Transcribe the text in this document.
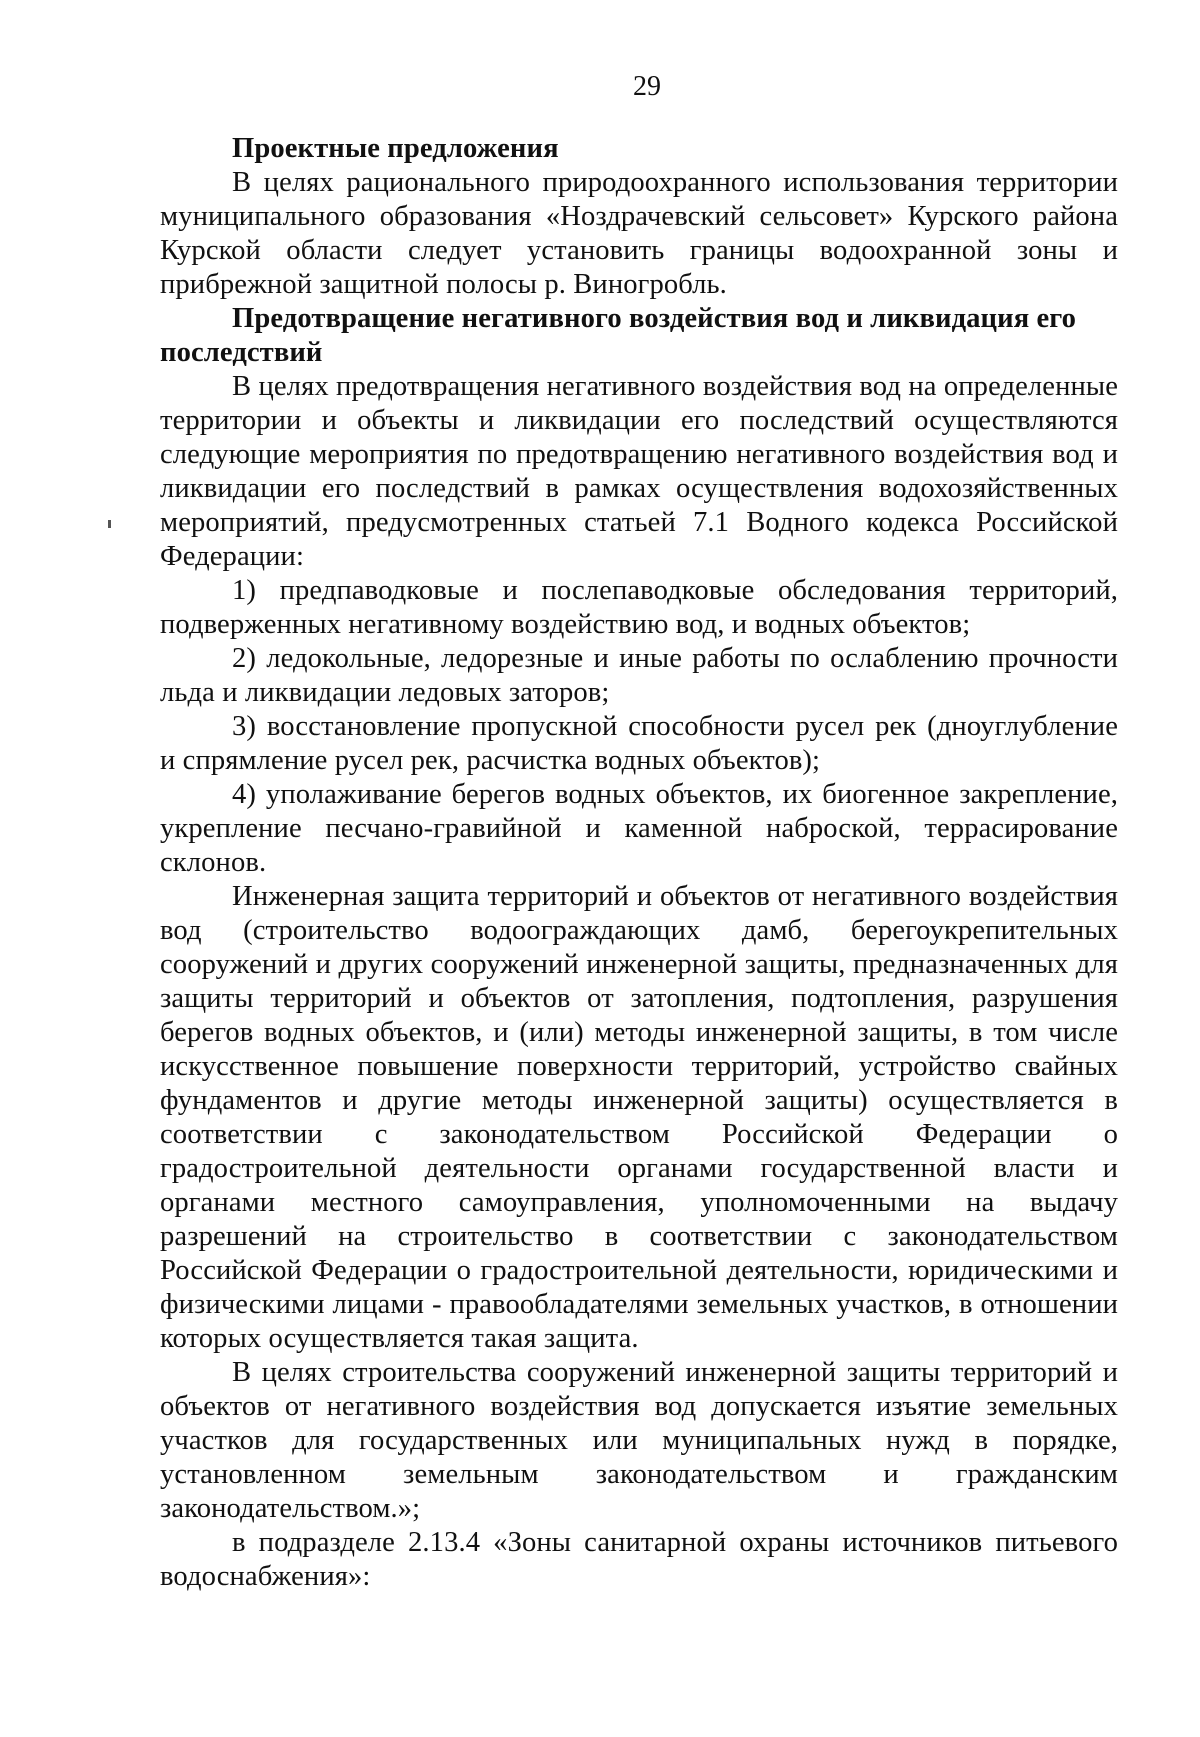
29

Проектные предложения

В целях рационального природоохранного использования территории муниципального образования «Ноздрачевский сельсовет» Курского района Курской области следует установить границы водоохранной зоны и прибрежной защитной полосы р. Виногробль.

Предотвращение негативного воздействия вод и ликвидация его последствий

В целях предотвращения негативного воздействия вод на определенные территории и объекты и ликвидации его последствий осуществляются следующие мероприятия по предотвращению негативного воздействия вод и ликвидации его последствий в рамках осуществления водохозяйственных мероприятий, предусмотренных статьей 7.1 Водного кодекса Российской Федерации:

1) предпаводковые и послепаводковые обследования территорий, подверженных негативному воздействию вод, и водных объектов;

2) ледокольные, ледорезные и иные работы по ослаблению прочности льда и ликвидации ледовых заторов;

3) восстановление пропускной способности русел рек (дноуглубление и спрямление русел рек, расчистка водных объектов);

4) уполаживание берегов водных объектов, их биогенное закрепление, укрепление песчано-гравийной и каменной наброской, террасирование склонов.

Инженерная защита территорий и объектов от негативного воздействия вод (строительство водоограждающих дамб, берегоукрепительных сооружений и других сооружений инженерной защиты, предназначенных для защиты территорий и объектов от затопления, подтопления, разрушения берегов водных объектов, и (или) методы инженерной защиты, в том числе искусственное повышение поверхности территорий, устройство свайных фундаментов и другие методы инженерной защиты) осуществляется в соответствии с законодательством Российской Федерации о градостроительной деятельности органами государственной власти и органами местного самоуправления, уполномоченными на выдачу разрешений на строительство в соответствии с законодательством Российской Федерации о градостроительной деятельности, юридическими и физическими лицами - правообладателями земельных участков, в отношении которых осуществляется такая защита.

В целях строительства сооружений инженерной защиты территорий и объектов от негативного воздействия вод допускается изъятие земельных участков для государственных или муниципальных нужд в порядке, установленном земельным законодательством и гражданским законодательством.»;

в подразделе 2.13.4 «Зоны санитарной охраны источников питьевого водоснабжения»:
